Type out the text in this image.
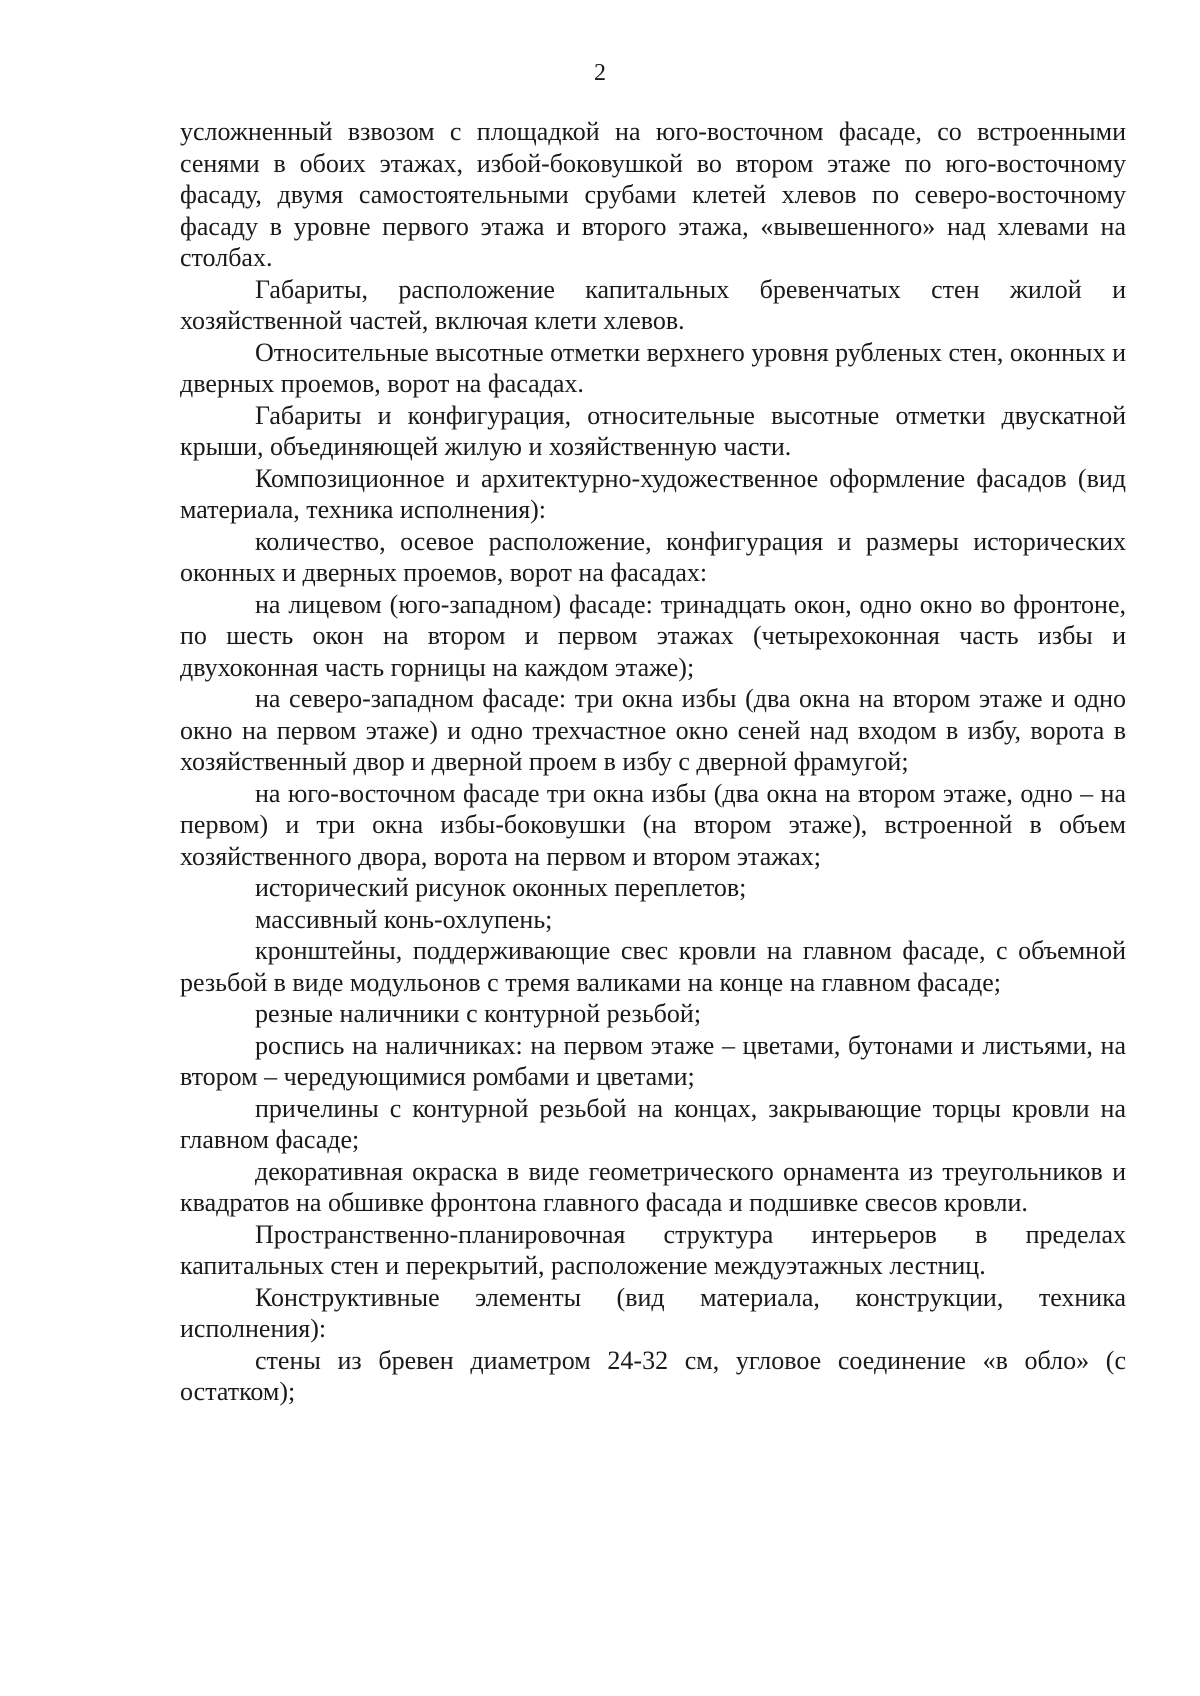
2

усложненный взвозом с площадкой на юго-восточном фасаде, со встроенными сенями в обоих этажах, избой-боковушкой во втором этаже по юго-восточному фасаду, двумя самостоятельными срубами клетей хлевов по северо-восточному фасаду в уровне первого этажа и второго этажа, «вывешенного» над хлевами на столбах.

Габариты, расположение капитальных бревенчатых стен жилой и хозяйственной частей, включая клети хлевов.

Относительные высотные отметки верхнего уровня рубленых стен, оконных и дверных проемов, ворот на фасадах.

Габариты и конфигурация, относительные высотные отметки двускатной крыши, объединяющей жилую и хозяйственную части.

Композиционное и архитектурно-художественное оформление фасадов (вид материала, техника исполнения):

количество, осевое расположение, конфигурация и размеры исторических оконных и дверных проемов, ворот на фасадах:

на лицевом (юго-западном) фасаде: тринадцать окон, одно окно во фронтоне, по шесть окон на втором и первом этажах (четырехоконная часть избы и двухоконная часть горницы на каждом этаже);

на северо-западном фасаде: три окна избы (два окна на втором этаже и одно окно на первом этаже) и одно трехчастное окно сеней над входом в избу, ворота в хозяйственный двор и дверной проем в избу с дверной фрамугой;

на юго-восточном фасаде три окна избы (два окна на втором этаже, одно – на первом) и три окна избы-боковушки (на втором этаже), встроенной в объем хозяйственного двора, ворота на первом и втором этажах;

исторический рисунок оконных переплетов;

массивный конь-охлупень;

кронштейны, поддерживающие свес кровли на главном фасаде, с объемной резьбой в виде модульонов с тремя валиками на конце на главном фасаде;

резные наличники с контурной резьбой;

роспись на наличниках: на первом этаже – цветами, бутонами и листьями, на втором – чередующимися ромбами и цветами;

причелины с контурной резьбой на концах, закрывающие торцы кровли на главном фасаде;

декоративная окраска в виде геометрического орнамента из треугольников и квадратов на обшивке фронтона главного фасада и подшивке свесов кровли.

Пространственно-планировочная структура интерьеров в пределах капитальных стен и перекрытий, расположение междуэтажных лестниц.

Конструктивные элементы (вид материала, конструкции, техника исполнения):

стены из бревен диаметром 24-32 см, угловое соединение «в обло» (с остатком);
